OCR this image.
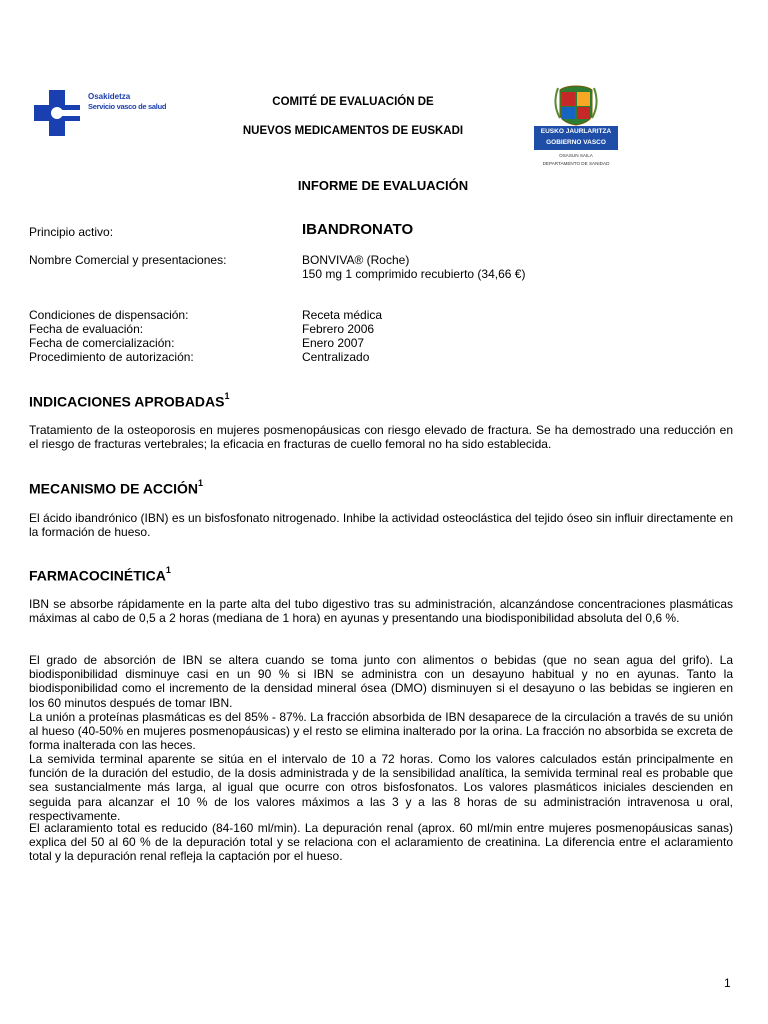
Osakidetza
Servicio vasco de salud	COMITÉ DE EVALUACIÓN DE
NUEVOS MEDICAMENTOS DE EUSKADI	EUSKO JAURLARITZA
GOBIERNO VASCO
OSASUN SAILA
DEPARTAMENTO DE SANIDAD
INFORME DE EVALUACIÓN
Principio activo:	IBANDRONATO
Nombre Comercial y presentaciones:	BONVIVA® (Roche)
150 mg 1 comprimido recubierto (34,66 €)
Condiciones de dispensación:	Receta médica
Fecha de evaluación:	Febrero 2006
Fecha de comercialización:	Enero 2007
Procedimiento de autorización:	Centralizado
INDICACIONES APROBADAS$^1$
Tratamiento de la osteoporosis en mujeres posmenopáusicas con riesgo elevado de fractura. Se ha demostrado una reducción en el riesgo de fracturas vertebrales; la eficacia en fracturas de cuello femoral no ha sido establecida.
MECANISMO DE ACCIÓN$^1$
El ácido ibandrónico (IBN) es un bisfosfonato nitrogenado. Inhibe la actividad osteoclástica del tejido óseo sin influir directamente en la formación de hueso.
FARMACOCINÉTICA$^1$
IBN se absorbe rápidamente en la parte alta del tubo digestivo tras su administración, alcanzándose concentraciones plasmáticas máximas al cabo de 0,5 a 2 horas (mediana de 1 hora) en ayunas y presentando una biodisponibilidad absoluta del 0,6 %.
El grado de absorción de IBN se altera cuando se toma junto con alimentos o bebidas (que no sean agua del grifo). La biodisponibilidad disminuye casi en un 90 % si IBN se administra con un desayuno habitual y no en ayunas. Tanto la biodisponibilidad como el incremento de la densidad mineral ósea (DMO) disminuyen si el desayuno o las bebidas se ingieren en los 60 minutos después de tomar IBN.
La unión a proteínas plasmáticas es del 85% - 87%. La fracción absorbida de IBN desaparece de la circulación a través de su unión al hueso (40-50% en mujeres posmenopáusicas) y el resto se elimina inalterado por la orina. La fracción no absorbida se excreta de forma inalterada con las heces.
La semivida terminal aparente se sitúa en el intervalo de 10 a 72 horas. Como los valores calculados están principalmente en función de la duración del estudio, de la dosis administrada y de la sensibilidad analítica, la semivida terminal real es probable que sea sustancialmente más larga, al igual que ocurre con otros bisfosfonatos. Los valores plasmáticos iniciales descienden en seguida para alcanzar el 10 % de los valores máximos a las 3 y a las 8 horas de su administración intravenosa u oral, respectivamente.
El aclaramiento total es reducido (84-160 ml/min). La depuración renal (aprox. 60 ml/min entre mujeres posmenopáusicas sanas) explica del 50 al 60 % de la depuración total y se relaciona con el aclaramiento de creatinina. La diferencia entre el aclaramiento total y la depuración renal refleja la captación por el hueso.
1
